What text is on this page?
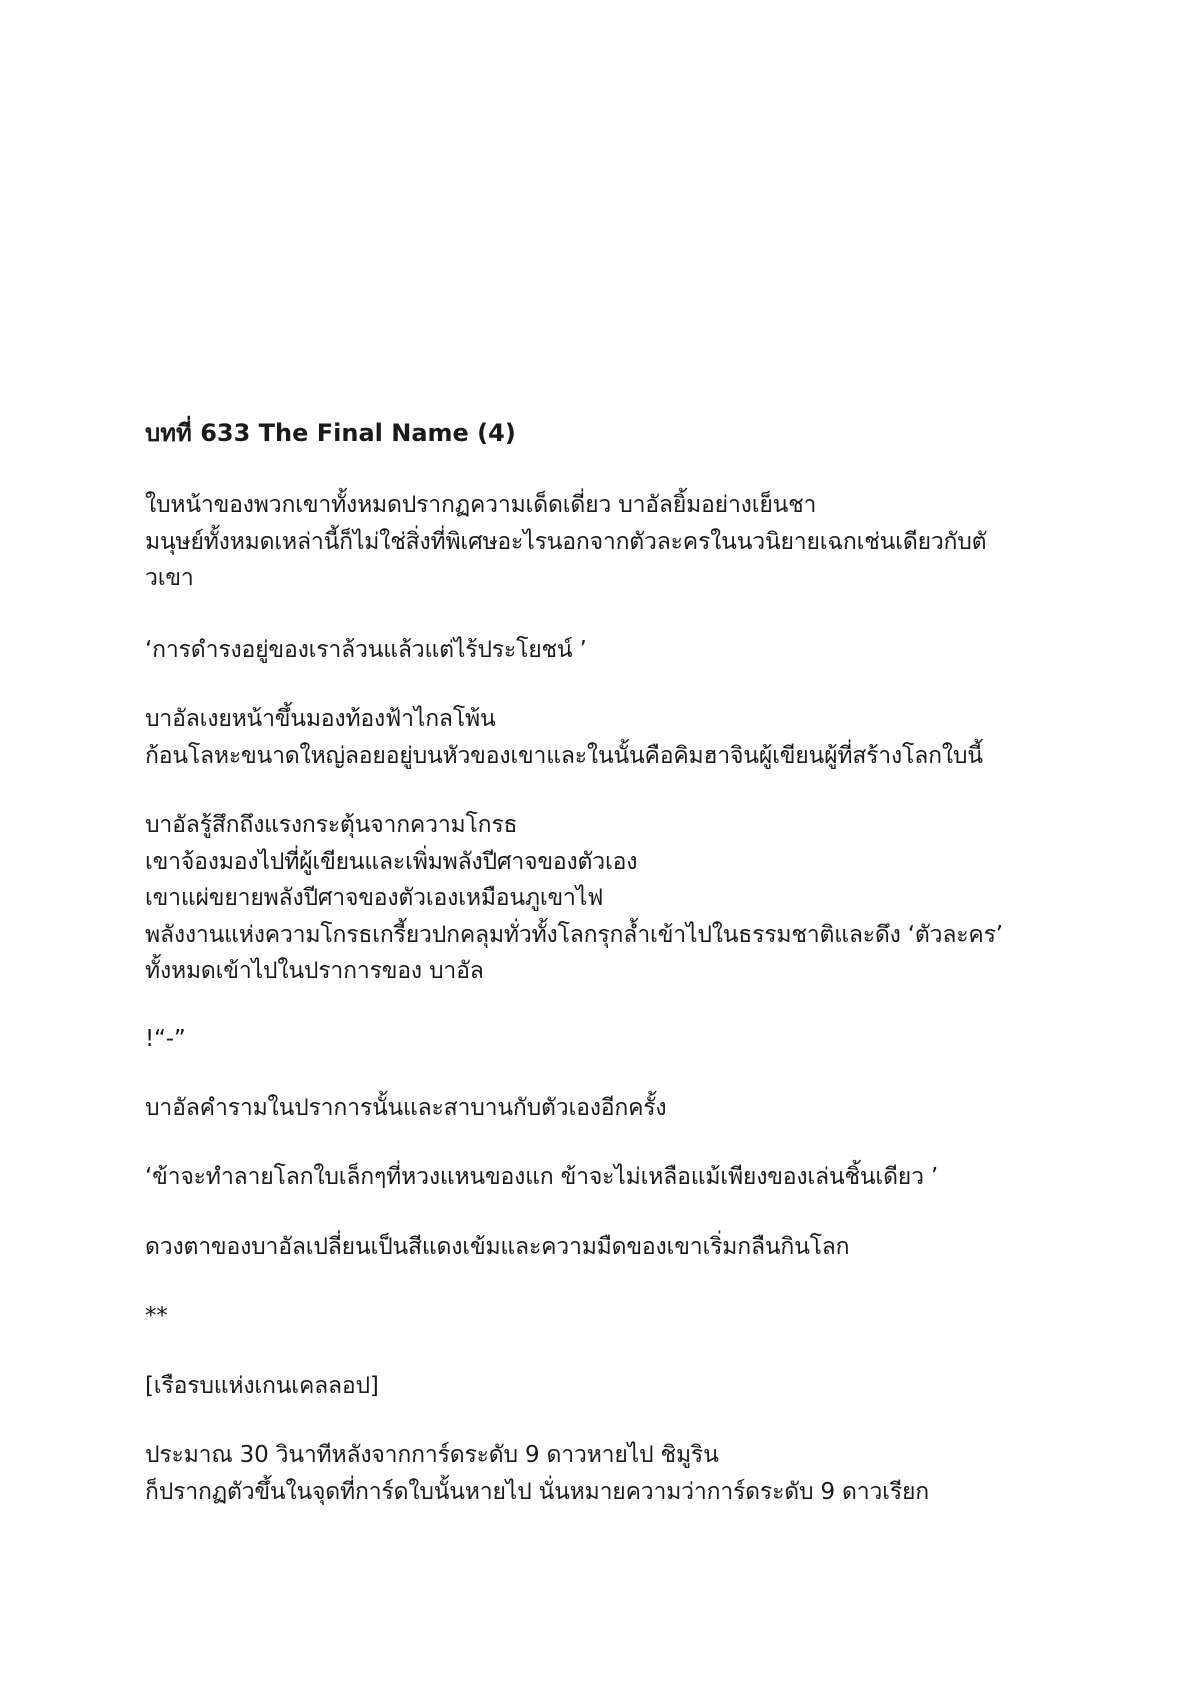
บทที่ 633 The Final Name (4)
ใบหน้าของพวกเขาทั้งหมดปรากฏความเด็ดเดี่ยว บาอัลยิ้มอย่างเย็นชา
มนุษย์ทั้งหมดเหล่านี้ก็ไม่ใช่สิ่งที่พิเศษอะไรนอกจากตัวละครในนวนิยายเฉกเช่นเดียวกับตั
วเขา
‘การดำรงอยู่ของเราล้วนแล้วแต่ไร้ประโยชน์ ’
บาอัลเงยหน้าขึ้นมองท้องฟ้าไกลโพ้น
ก้อนโลหะขนาดใหญ่ลอยอยู่บนหัวของเขาและในนั้นคือคิมฮาจินผู้เขียนผู้ที่สร้างโลกใบนี้
บาอัลรู้สึกถึงแรงกระตุ้นจากความโกรธ
เขาจ้องมองไปที่ผู้เขียนและเพิ่มพลังปีศาจของตัวเอง
เขาแผ่ขยายพลังปีศาจของตัวเองเหมือนภูเขาไฟ
พลังงานแห่งความโกรธเกรี้ยวปกคลุมทั่วทั้งโลกรุกล้ำเข้าไปในธรรมชาติและดึง ‘ตัวละคร’
ทั้งหมดเข้าไปในปราการของ บาอัล
!“-”
บาอัลคำรามในปราการนั้นและสาบานกับตัวเองอีกครั้ง
‘ข้าจะทำลายโลกใบเล็กๆที่หวงแหนของแก ข้าจะไม่เหลือแม้เพียงของเล่นชิ้นเดียว ’
ดวงตาของบาอัลเปลี่ยนเป็นสีแดงเข้มและความมืดของเขาเริ่มกลืนกินโลก
**
[เรือรบแห่งเกนเคลลอป]
ประมาณ 30 วินาทีหลังจากการ์ดระดับ 9 ดาวหายไป ชิมูริน
ก็ปรากฏตัวขึ้นในจุดที่การ์ดใบนั้นหายไป นั่นหมายความว่าการ์ดระดับ 9 ดาวเรียก
